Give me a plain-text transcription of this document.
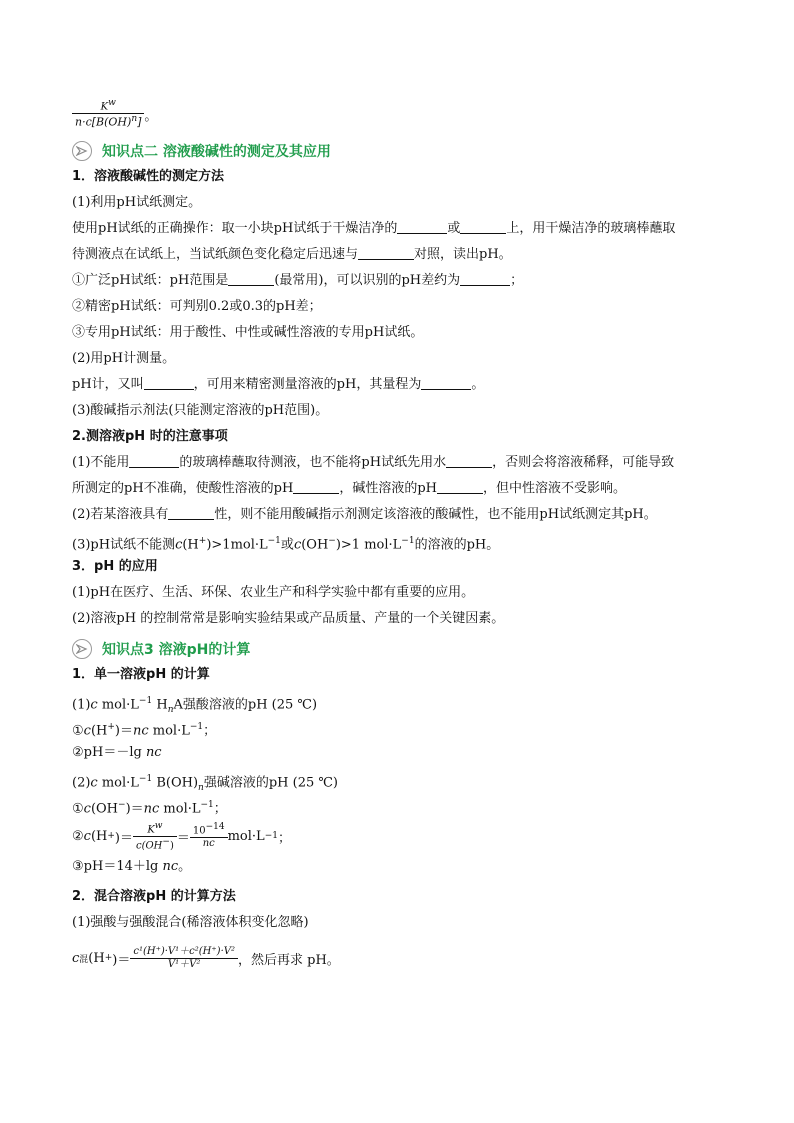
$\frac{Kw}{n\cdot c[B(OH)^n]}$ 。
知识点二 溶液酸碱性的测定及其应用
1．溶液酸碱性的测定方法
(1)利用pH试纸测定。
使用pH试纸的正确操作：取一小块pH试纸于干燥洁净的	或	上，用干燥洁净的玻璃棒蘸取
待测液点在试纸上，当试纸颜色变化稳定后迅速与	对照，读出pH。
①广泛pH试纸：pH范围是	(最常用)，可以识别的pH差约为	；
②精密pH试纸：可判别0.2或0.3的pH差；
③专用pH试纸：用于酸性、中性或碱性溶液的专用pH试纸。
(2)用pH计测量。
pH计，又叫	，可用来精密测量溶液的pH，其量程为	。
(3)酸碱指示剂法(只能测定溶液的pH范围)。
2.测溶液pH 时的注意事项
(1)不能用	的玻璃棒蘸取待测液，也不能将pH试纸先用水	，否则会将溶液稀释，可能导致
所测定的pH不准确，使酸性溶液的pH	，碱性溶液的pH	，但中性溶液不受影响。
(2)若某溶液具有	性，则不能用酸碱指示剂测定该溶液的酸碱性，也不能用pH试纸测定其pH。
(3)pH试纸不能测$c(H^+)>1mol\cdot L^{-1}$或c(OH−)>1 $mol\cdot L^{-1}$的溶液的pH。
3．pH 的应用
(1)pH在医疗、生活、环保、农业生产和科学实验中都有重要的应用。
(2)溶液pH 的控制常常是影响实验结果或产品质量、产量的一个关键因素。
知识点3 溶液pH的计算
1．单一溶液pH 的计算
(1)c $mol\cdot L^{-1}$ $H_nA$强酸溶液的pH (25 ℃)
①c(H+)＝nc $mol\cdot L^{-1}$；
②pH＝－lg nc
(2)c $mol\cdot L^{-1}$ $B(OH)_n$强碱溶液的pH (25 ℃)
①c(OH−)＝nc $mol\cdot L^{-1}$；
② c (H + )＝ $\frac{Kw}{c(OH-)} = \frac{10-14}{nc} mol\cdot L -1$ ；
③pH＝14＋lg nc。
2．混合溶液pH 的计算方法
(1)强酸与强酸混合(稀溶液体积变化忽略)
c 混 (H + )＝ $\frac{\text{c¹(H⁺)·V¹＋c²(H⁺)·V²}}{\text{V¹＋V²}}$ ，然后再求 pH。
